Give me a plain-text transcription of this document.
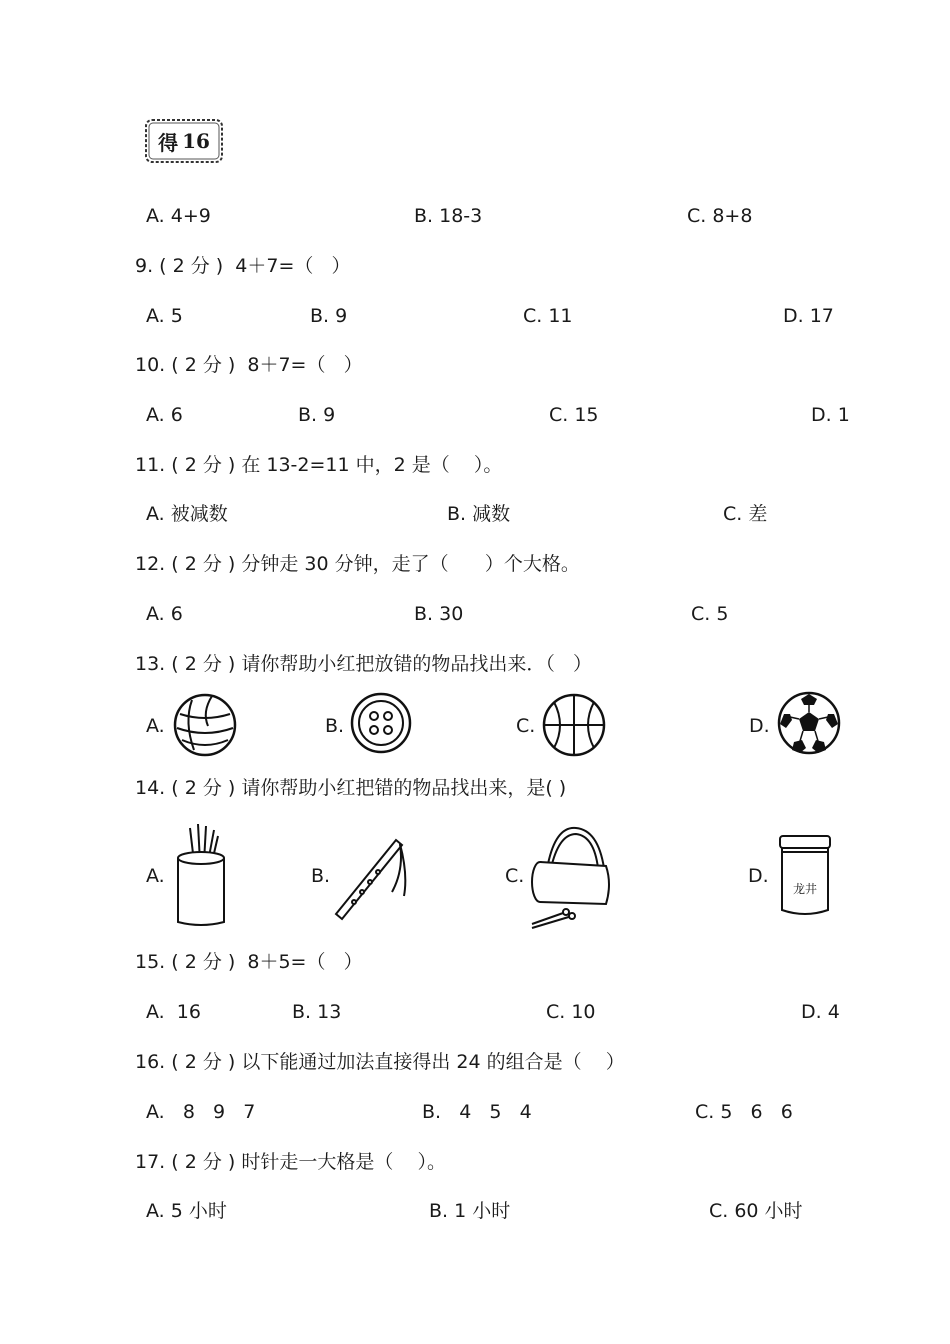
得 16
A. 4+9	B. 18-3	C. 8+8
9. ( 2 分 )  4＋7=（   ）
A. 5	B. 9	C. 11	D. 17
10. ( 2 分 )  8＋7=（   ）
A. 6	B. 9	C. 15	D. 1
11. ( 2 分 ) 在 13-2=11 中，2 是（    ）。
A. 被减数	B. 减数	C. 差
12. ( 2 分 ) 分钟走 30 分钟，走了（      ）个大格。
A. 6	B. 30	C. 5
13. ( 2 分 ) 请你帮助小红把放错的物品找出来．（   ）
A.	B.	C.	D.
14. ( 2 分 ) 请你帮助小红把错的物品找出来，是( )
A.	B.	C.	D.
龙井
15. ( 2 分 )  8＋5=（   ）
A.  16	B. 13	C. 10	D. 4
16. ( 2 分 ) 以下能通过加法直接得出 24 的组合是（    ）
A.   8   9   7	B.   4   5   4	C. 5   6   6
17. ( 2 分 ) 时针走一大格是（    ）。
A. 5 小时	B. 1 小时	C. 60 小时
